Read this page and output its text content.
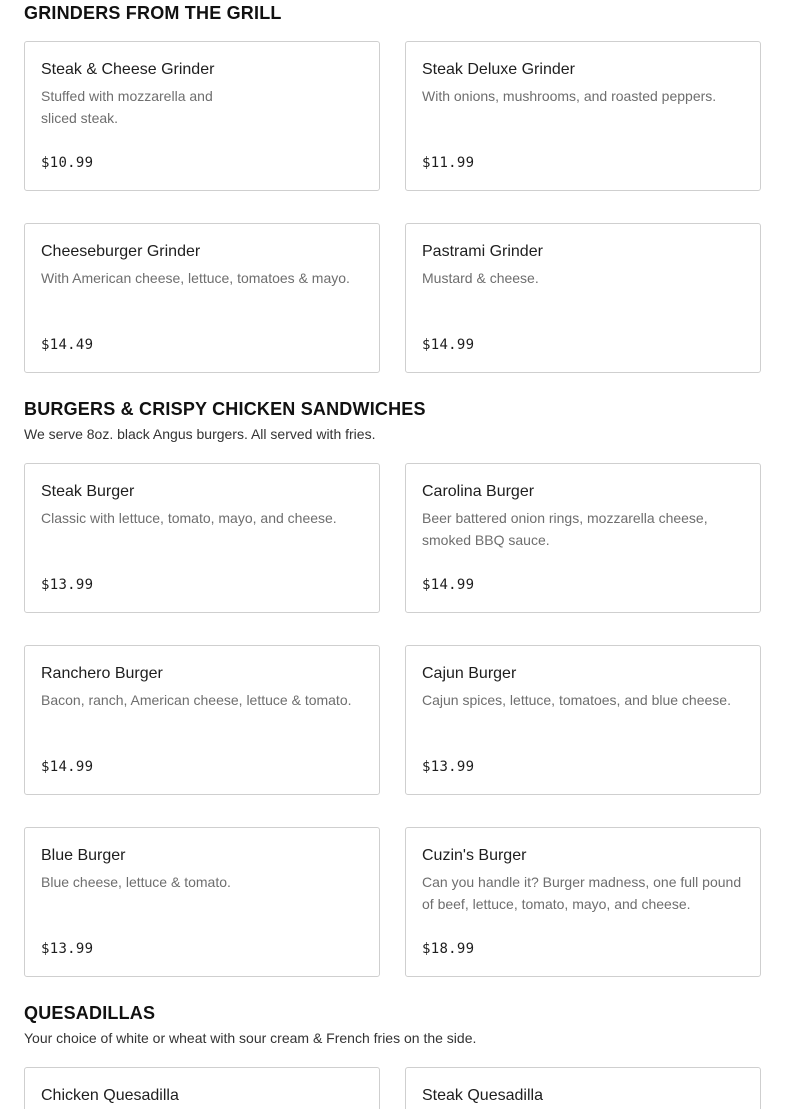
GRINDERS FROM THE GRILL

Steak & Cheese Grinder

Stuffed with mozzarella and sliced steak.

$10.99

Steak Deluxe Grinder

With onions, mushrooms, and roasted peppers.

$11.99

Cheeseburger Grinder

With American cheese, lettuce, tomatoes & mayo.

$14.49

Pastrami Grinder

Mustard & cheese.

$14.99
BURGERS & CRISPY CHICKEN SANDWICHES

We serve 8oz. black Angus burgers. All served with fries.

Steak Burger

Classic with lettuce, tomato, mayo, and cheese.

$13.99

Carolina Burger

Beer battered onion rings, mozzarella cheese, smoked BBQ sauce.

$14.99

Ranchero Burger

Bacon, ranch, American cheese, lettuce & tomato.

$14.99

Cajun Burger

Cajun spices, lettuce, tomatoes, and blue cheese.

$13.99

Blue Burger

Blue cheese, lettuce & tomato.

$13.99

Cuzin's Burger

Can you handle it? Burger madness, one full pound of beef, lettuce, tomato, mayo, and cheese.

$18.99
QUESADILLAS

Your choice of white or wheat with sour cream & French fries on the side.

Chicken Quesadilla	Steak Quesadilla
